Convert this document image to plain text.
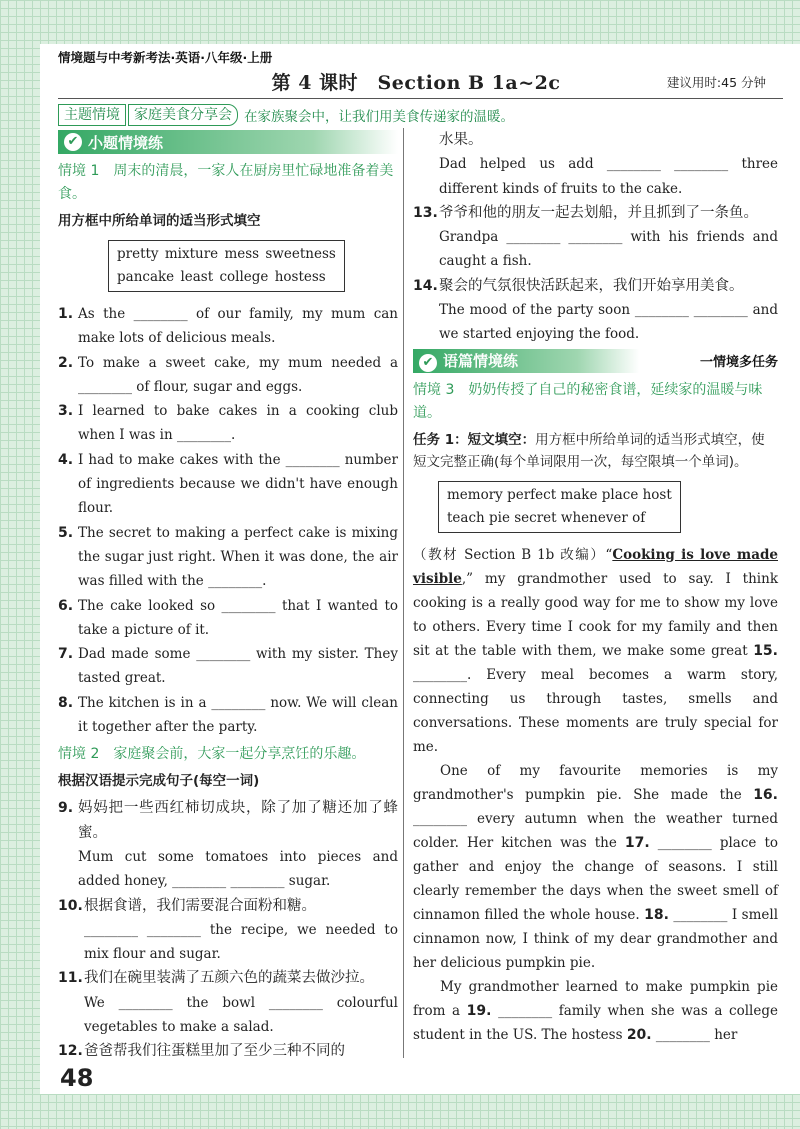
情境题与中考新考法·英语·八年级·上册
第 4 课时　Section B 1a~2c	建议用时:45 分钟
主题情境	家庭美食分享会 在家族聚会中，让我们用美食传递家的温暖。
✔ 小题情境练
情境 1　周末的清晨，一家人在厨房里忙碌地准备着美食。
用方框中所给单词的适当形式填空
pretty mixture mess sweetness
pancake least college hostess
1. As the ________ of our family, my mum can make lots of delicious meals.
2. To make a sweet cake, my mum needed a ________ of flour, sugar and eggs.
3. I learned to bake cakes in a cooking club when I was in ________.
4. I had to make cakes with the ________ number of ingredients because we didn't have enough flour.
5. The secret to making a perfect cake is mixing the sugar just right. When it was done, the air was filled with the ________.
6. The cake looked so ________ that I wanted to take a picture of it.
7. Dad made some ________ with my sister. They tasted great.
8. The kitchen is in a ________ now. We will clean it together after the party.
情境 2　家庭聚会前，大家一起分享烹饪的乐趣。
根据汉语提示完成句子(每空一词)
9. 妈妈把一些西红柿切成块，除了加了糖还加了蜂蜜。
Mum cut some tomatoes into pieces and added honey, ________ ________ sugar.
10. 根据食谱，我们需要混合面粉和糖。
________ ________ the recipe, we needed to mix flour and sugar.
11. 我们在碗里装满了五颜六色的蔬菜去做沙拉。
We ________ the bowl ________ colourful vegetables to make a salad.
12. 爸爸帮我们往蛋糕里加了至少三种不同的
水果。
Dad helped us add ________ ________ three different kinds of fruits to the cake.
13. 爷爷和他的朋友一起去划船，并且抓到了一条鱼。
Grandpa ________ ________ with his friends and caught a fish.
14. 聚会的气氛很快活跃起来，我们开始享用美食。
The mood of the party soon ________ ________ and we started enjoying the food.
✔ 语篇情境练	一情境多任务
情境 3　奶奶传授了自己的秘密食谱，延续家的温暖与味道。
任务 1：短文填空：用方框中所给单词的适当形式填空，使短文完整正确(每个单词限用一次，每空限填一个单词)。
memory perfect make place host
teach pie secret whenever of
（教材 Section B 1b 改编）“Cooking is love made visible,” my grandmother used to say. I think cooking is a really good way for me to show my love to others. Every time I cook for my family and then sit at the table with them, we make some great 15. ________. Every meal becomes a warm story, connecting us through tastes, smells and conversations. These moments are truly special for me.
One of my favourite memories is my grandmother's pumpkin pie. She made the 16. ________ every autumn when the weather turned colder. Her kitchen was the 17. ________ place to gather and enjoy the change of seasons. I still clearly remember the days when the sweet smell of cinnamon filled the whole house. 18. ________ I smell cinnamon now, I think of my dear grandmother and her delicious pumpkin pie.
My grandmother learned to make pumpkin pie from a 19. ________ family when she was a college student in the US. The hostess 20. ________ her
48
